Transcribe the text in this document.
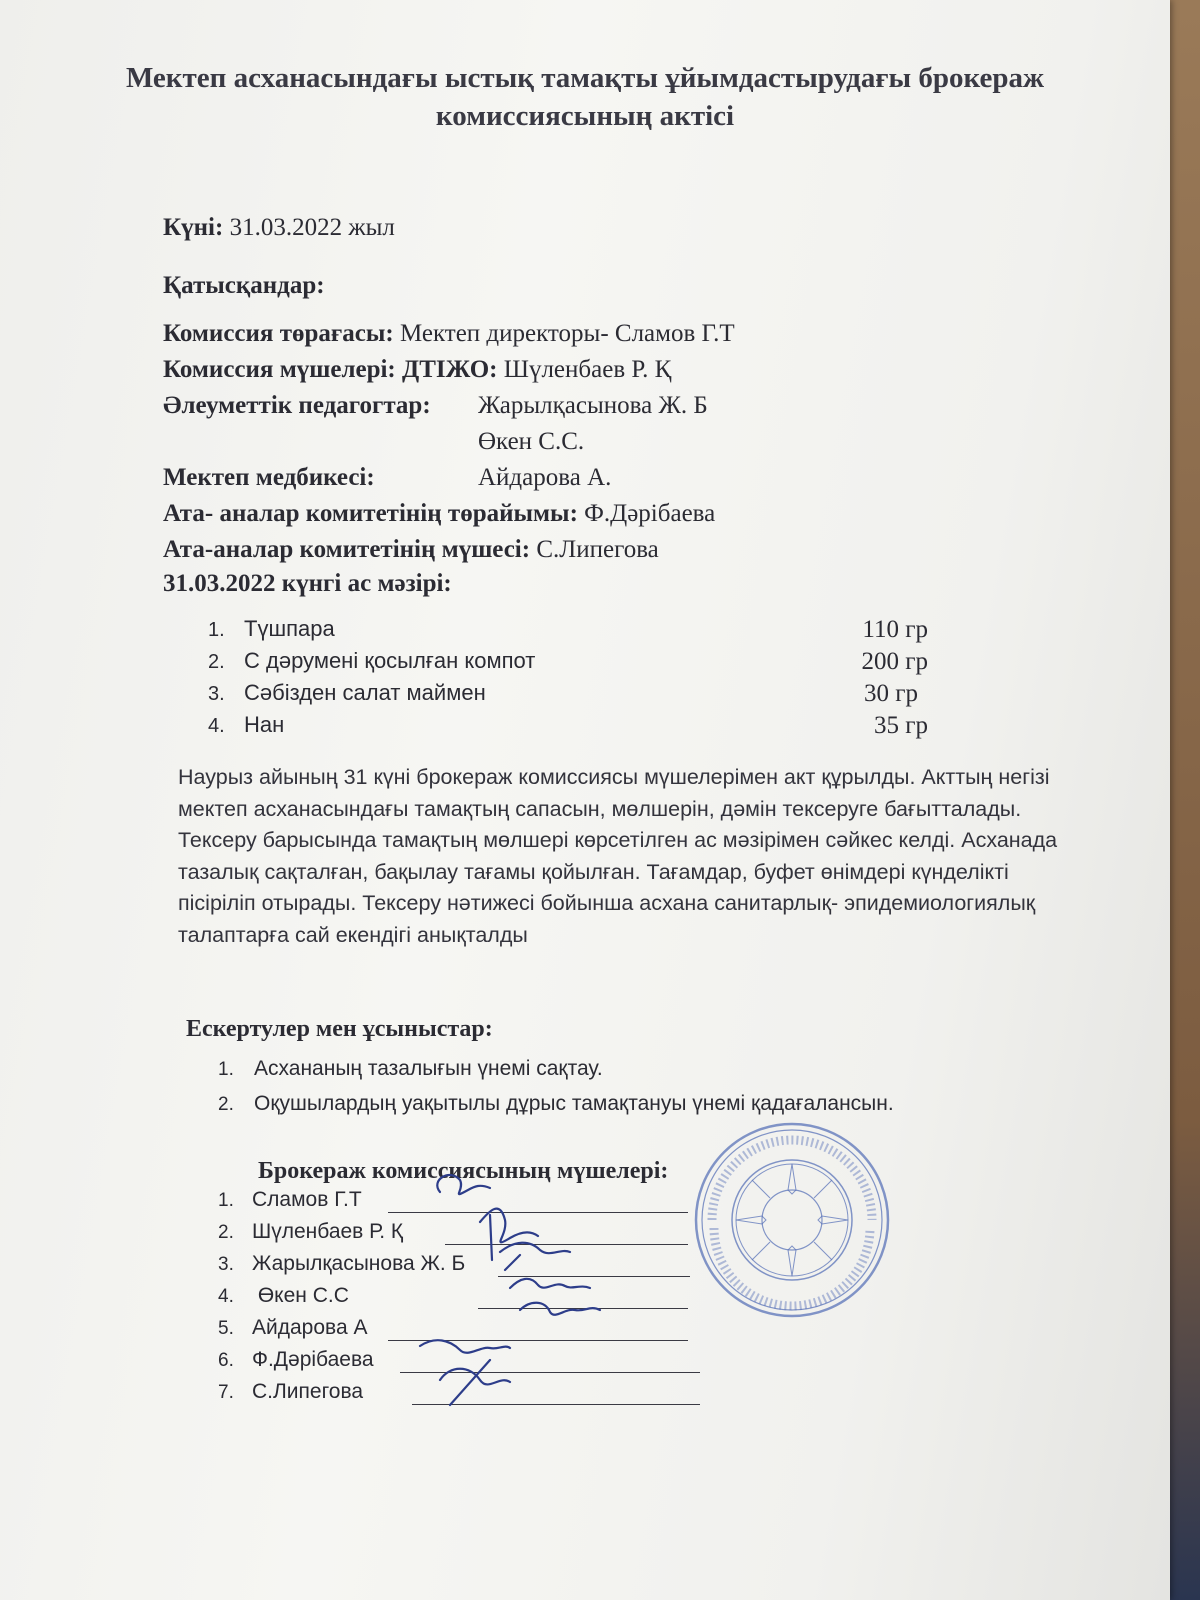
Мектеп асханасындағы ыстық тамақты ұйымдастырудағы брокераж
комиссиясының актісі
Күні: 31.03.2022 жыл
Қатысқандар:
Комиссия төрағасы: Мектеп директоры- Сламов Г.Т
Комиссия мүшелері: ДТІЖО: Шүленбаев Р. Қ
Әлеуметтік педагогтар: Жарылқасынова Ж. Б
Өкен С.С.
Мектеп медбикесі:	Айдарова А.
Ата- аналар комитетінің төрайымы: Ф.Дәрібаева
Ата-аналар комитетінің мүшесі: С.Липегова
31.03.2022 күнгі ас мәзірі:
1. Түшпара	110 гр
2. С дәрумені қосылған компот	200 гр
3. Сәбізден салат маймен	30 гр
4. Нан	35 гр
Наурыз айының 31 күні брокераж комиссиясы мүшелерімен акт құрылды. Акттың негізі мектеп асханасындағы тамақтың сапасын, мөлшерін, дәмін тексеруге бағытталады. Тексеру барысында тамақтың мөлшері көрсетілген ас мәзірімен сәйкес келді. Асханада тазалық сақталған, бақылау тағамы қойылған. Тағамдар, буфет өнімдері күнделікті пісіріліп отырады. Тексеру нәтижесі бойынша асхана санитарлық- эпидемиологиялық талаптарға сай екендігі анықталды
Ескертулер мен ұсыныстар:
1. Асхананың тазалығын үнемі сақтау.
2. Оқушылардың уақытылы дұрыс тамақтануы үнемі қадағалансын.
Брокераж комиссиясының мүшелері:
1. Сламов Г.Т
2. Шүленбаев Р. Қ
3. Жарылқасынова Ж. Б
4. Өкен С.С
5. Айдарова А
6. Ф.Дәрібаева
7. С.Липегова
